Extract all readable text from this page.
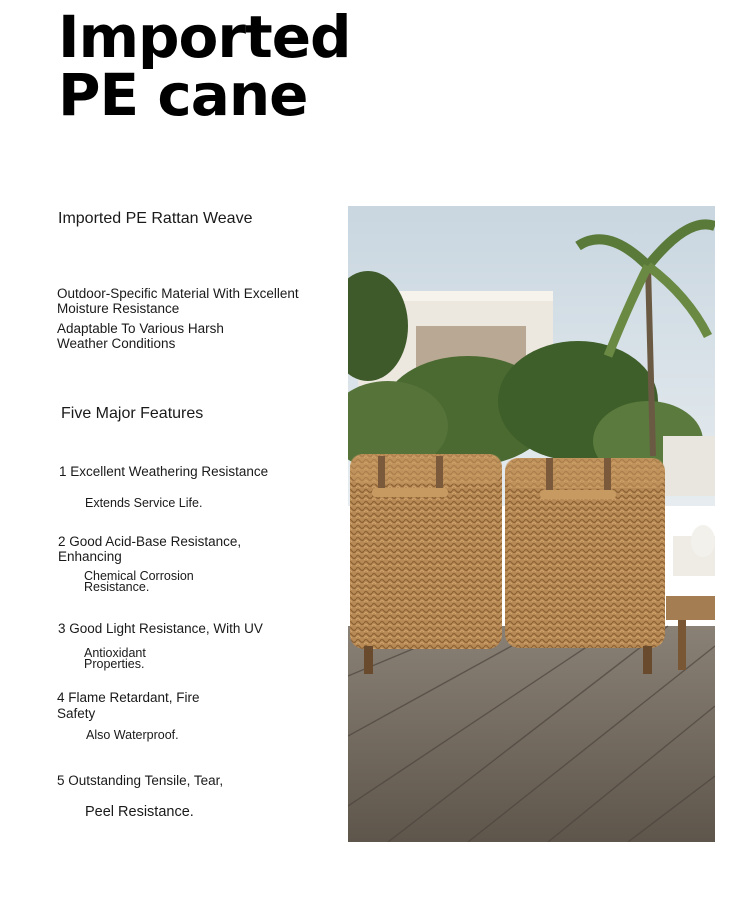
Imported
PE cane
Imported PE Rattan Weave
Outdoor-Specific Material With Excellent
Moisture Resistance
Adaptable To Various Harsh
Weather Conditions
Five Major Features
1 Excellent Weathering Resistance
Extends Service Life.
2 Good Acid-Base Resistance,
Enhancing
Chemical Corrosion
Resistance.
3 Good Light Resistance, With UV
Antioxidant
Properties.
4 Flame Retardant, Fire
Safety
Also Waterproof.
5 Outstanding Tensile, Tear,
Peel Resistance.
